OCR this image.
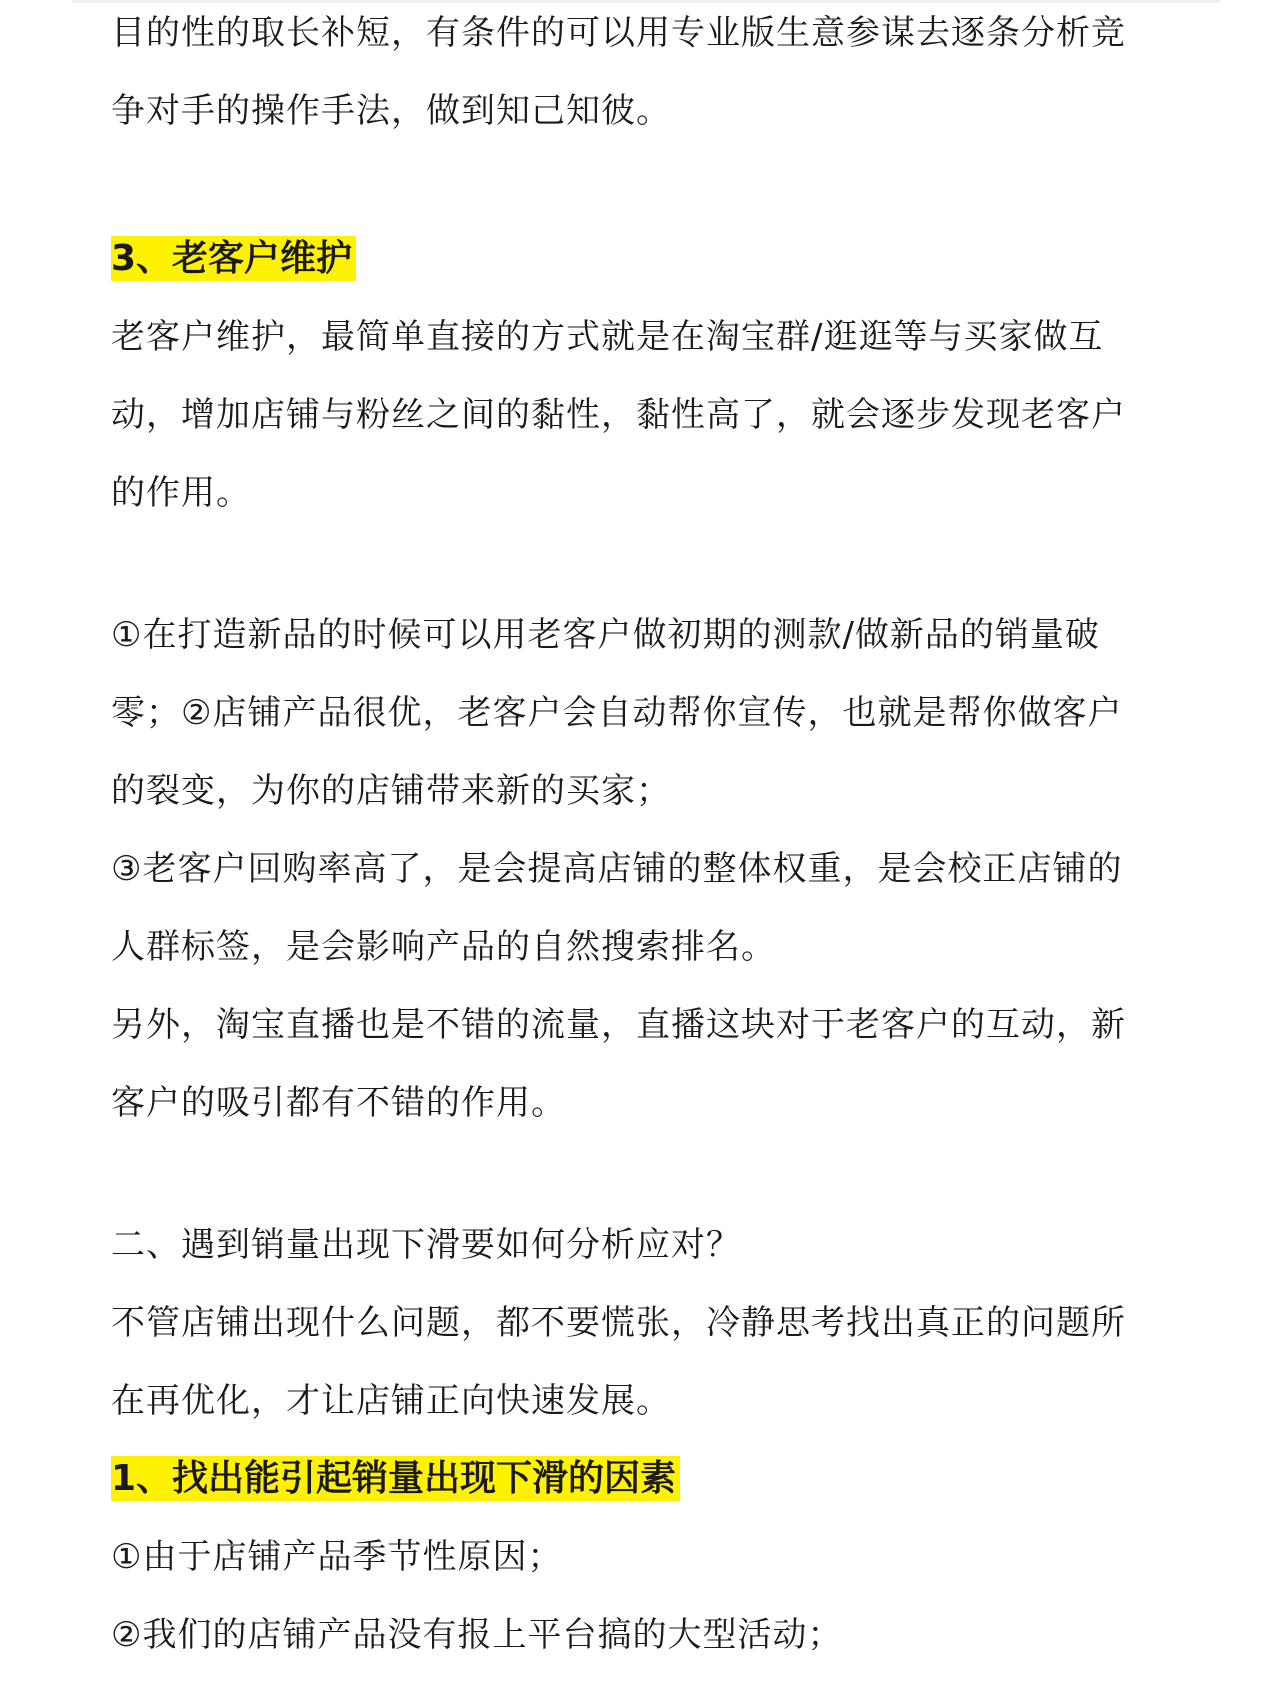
目的性的取长补短，有条件的可以用专业版生意参谋去逐条分析竞

争对手的操作手法，做到知己知彼。

3、老客户维护

老客户维护，最简单直接的方式就是在淘宝群/逛逛等与买家做互

动，增加店铺与粉丝之间的黏性，黏性高了，就会逐步发现老客户

的作用。

①在打造新品的时候可以用老客户做初期的测款/做新品的销量破

零；②店铺产品很优，老客户会自动帮你宣传，也就是帮你做客户

的裂变，为你的店铺带来新的买家；

③老客户回购率高了，是会提高店铺的整体权重，是会校正店铺的

人群标签，是会影响产品的自然搜索排名。

另外，淘宝直播也是不错的流量，直播这块对于老客户的互动，新

客户的吸引都有不错的作用。

二、遇到销量出现下滑要如何分析应对？

不管店铺出现什么问题，都不要慌张，冷静思考找出真正的问题所

在再优化，才让店铺正向快速发展。

1、找出能引起销量出现下滑的因素

①由于店铺产品季节性原因；

②我们的店铺产品没有报上平台搞的大型活动；
